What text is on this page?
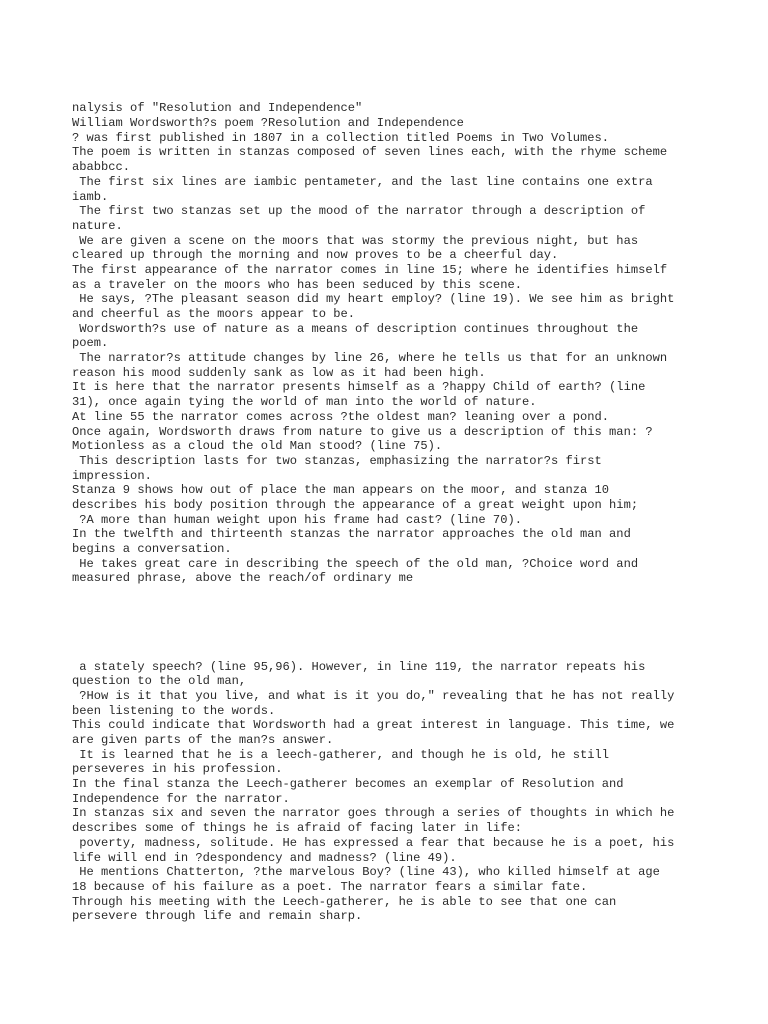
nalysis of "Resolution and Independence"
William Wordsworth?s poem ?Resolution and Independence
? was first published in 1807 in a collection titled Poems in Two Volumes.
The poem is written in stanzas composed of seven lines each, with the rhyme scheme
ababbcc.
The first six lines are iambic pentameter, and the last line contains one extra
iamb.
The first two stanzas set up the mood of the narrator through a description of
nature.
We are given a scene on the moors that was stormy the previous night, but has
cleared up through the morning and now proves to be a cheerful day.
The first appearance of the narrator comes in line 15; where he identifies himself
as a traveler on the moors who has been seduced by this scene.
He says, ?The pleasant season did my heart employ? (line 19). We see him as bright
and cheerful as the moors appear to be.
Wordsworth?s use of nature as a means of description continues throughout the
poem.
The narrator?s attitude changes by line 26, where he tells us that for an unknown
reason his mood suddenly sank as low as it had been high.
It is here that the narrator presents himself as a ?happy Child of earth? (line
31), once again tying the world of man into the world of nature.
At line 55 the narrator comes across ?the oldest man? leaning over a pond.
Once again, Wordsworth draws from nature to give us a description of this man: ?
Motionless as a cloud the old Man stood? (line 75).
This description lasts for two stanzas, emphasizing the narrator?s first
impression.
Stanza 9 shows how out of place the man appears on the moor, and stanza 10
describes his body position through the appearance of a great weight upon him;
?A more than human weight upon his frame had cast? (line 70).
In the twelfth and thirteenth stanzas the narrator approaches the old man and
begins a conversation.
He takes great care in describing the speech of the old man, ?Choice word and
measured phrase, above the reach/of ordinary me

a stately speech? (line 95,96). However, in line 119, the narrator repeats his
question to the old man,
?How is it that you live, and what is it you do," revealing that he has not really
been listening to the words.
This could indicate that Wordsworth had a great interest in language. This time, we
are given parts of the man?s answer.
It is learned that he is a leech-gatherer, and though he is old, he still
perseveres in his profession.
In the final stanza the Leech-gatherer becomes an exemplar of Resolution and
Independence for the narrator.
In stanzas six and seven the narrator goes through a series of thoughts in which he
describes some of things he is afraid of facing later in life:
poverty, madness, solitude. He has expressed a fear that because he is a poet, his
life will end in ?despondency and madness? (line 49).
He mentions Chatterton, ?the marvelous Boy? (line 43), who killed himself at age
18 because of his failure as a poet. The narrator fears a similar fate.
Through his meeting with the Leech-gatherer, he is able to see that one can
persevere through life and remain sharp.
